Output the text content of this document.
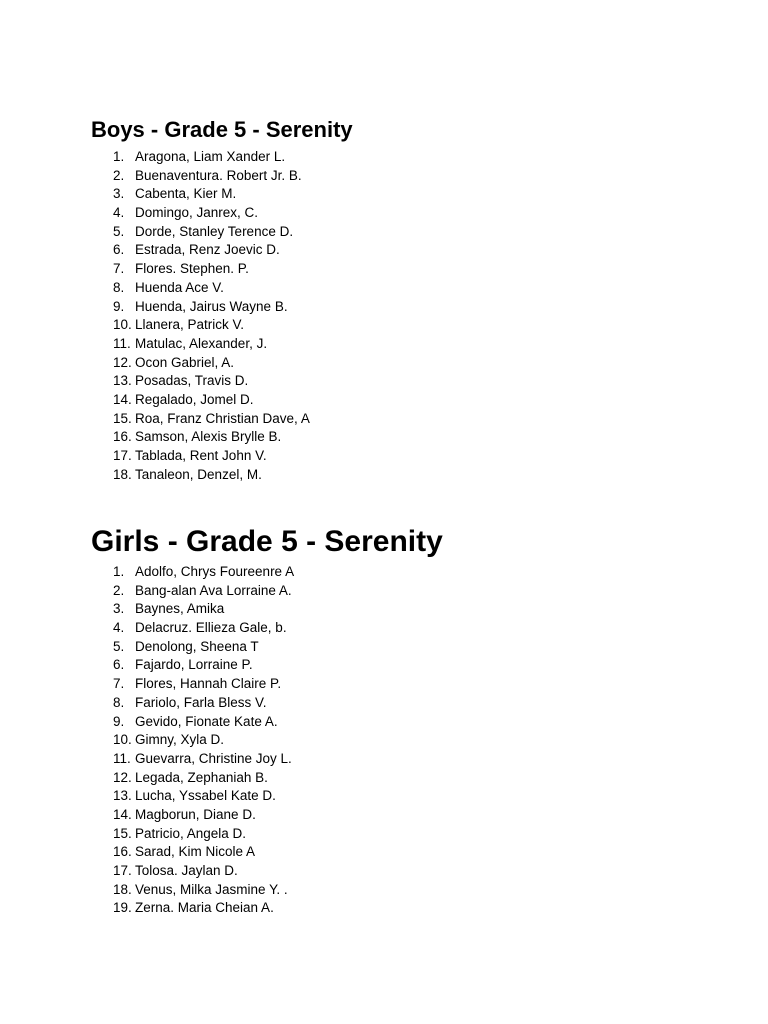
Boys - Grade 5 - Serenity
1. Aragona, Liam Xander L.
2. Buenaventura. Robert Jr. B.
3. Cabenta, Kier M.
4. Domingo, Janrex, C.
5. Dorde, Stanley Terence D.
6. Estrada, Renz Joevic D.
7. Flores. Stephen. P.
8. Huenda Ace V.
9. Huenda, Jairus Wayne B.
10. Llanera, Patrick V.
11. Matulac, Alexander, J.
12. Ocon Gabriel, A.
13. Posadas, Travis D.
14. Regalado, Jomel D.
15. Roa, Franz Christian Dave, A
16. Samson, Alexis Brylle B.
17. Tablada, Rent John V.
18. Tanaleon, Denzel, M.
Girls - Grade 5 - Serenity
1. Adolfo, Chrys Foureenre A
2. Bang-alan Ava Lorraine A.
3. Baynes, Amika
4. Delacruz. Ellieza Gale, b.
5. Denolong, Sheena T
6. Fajardo, Lorraine P.
7. Flores, Hannah Claire P.
8. Fariolo, Farla Bless V.
9. Gevido, Fionate Kate A.
10. Gimny, Xyla D.
11. Guevarra, Christine Joy L.
12. Legada, Zephaniah B.
13. Lucha, Yssabel Kate D.
14. Magborun, Diane D.
15. Patricio, Angela D.
16. Sarad, Kim Nicole A
17. Tolosa. Jaylan D.
18. Venus, Milka Jasmine Y. .
19. Zerna. Maria Cheian A.
